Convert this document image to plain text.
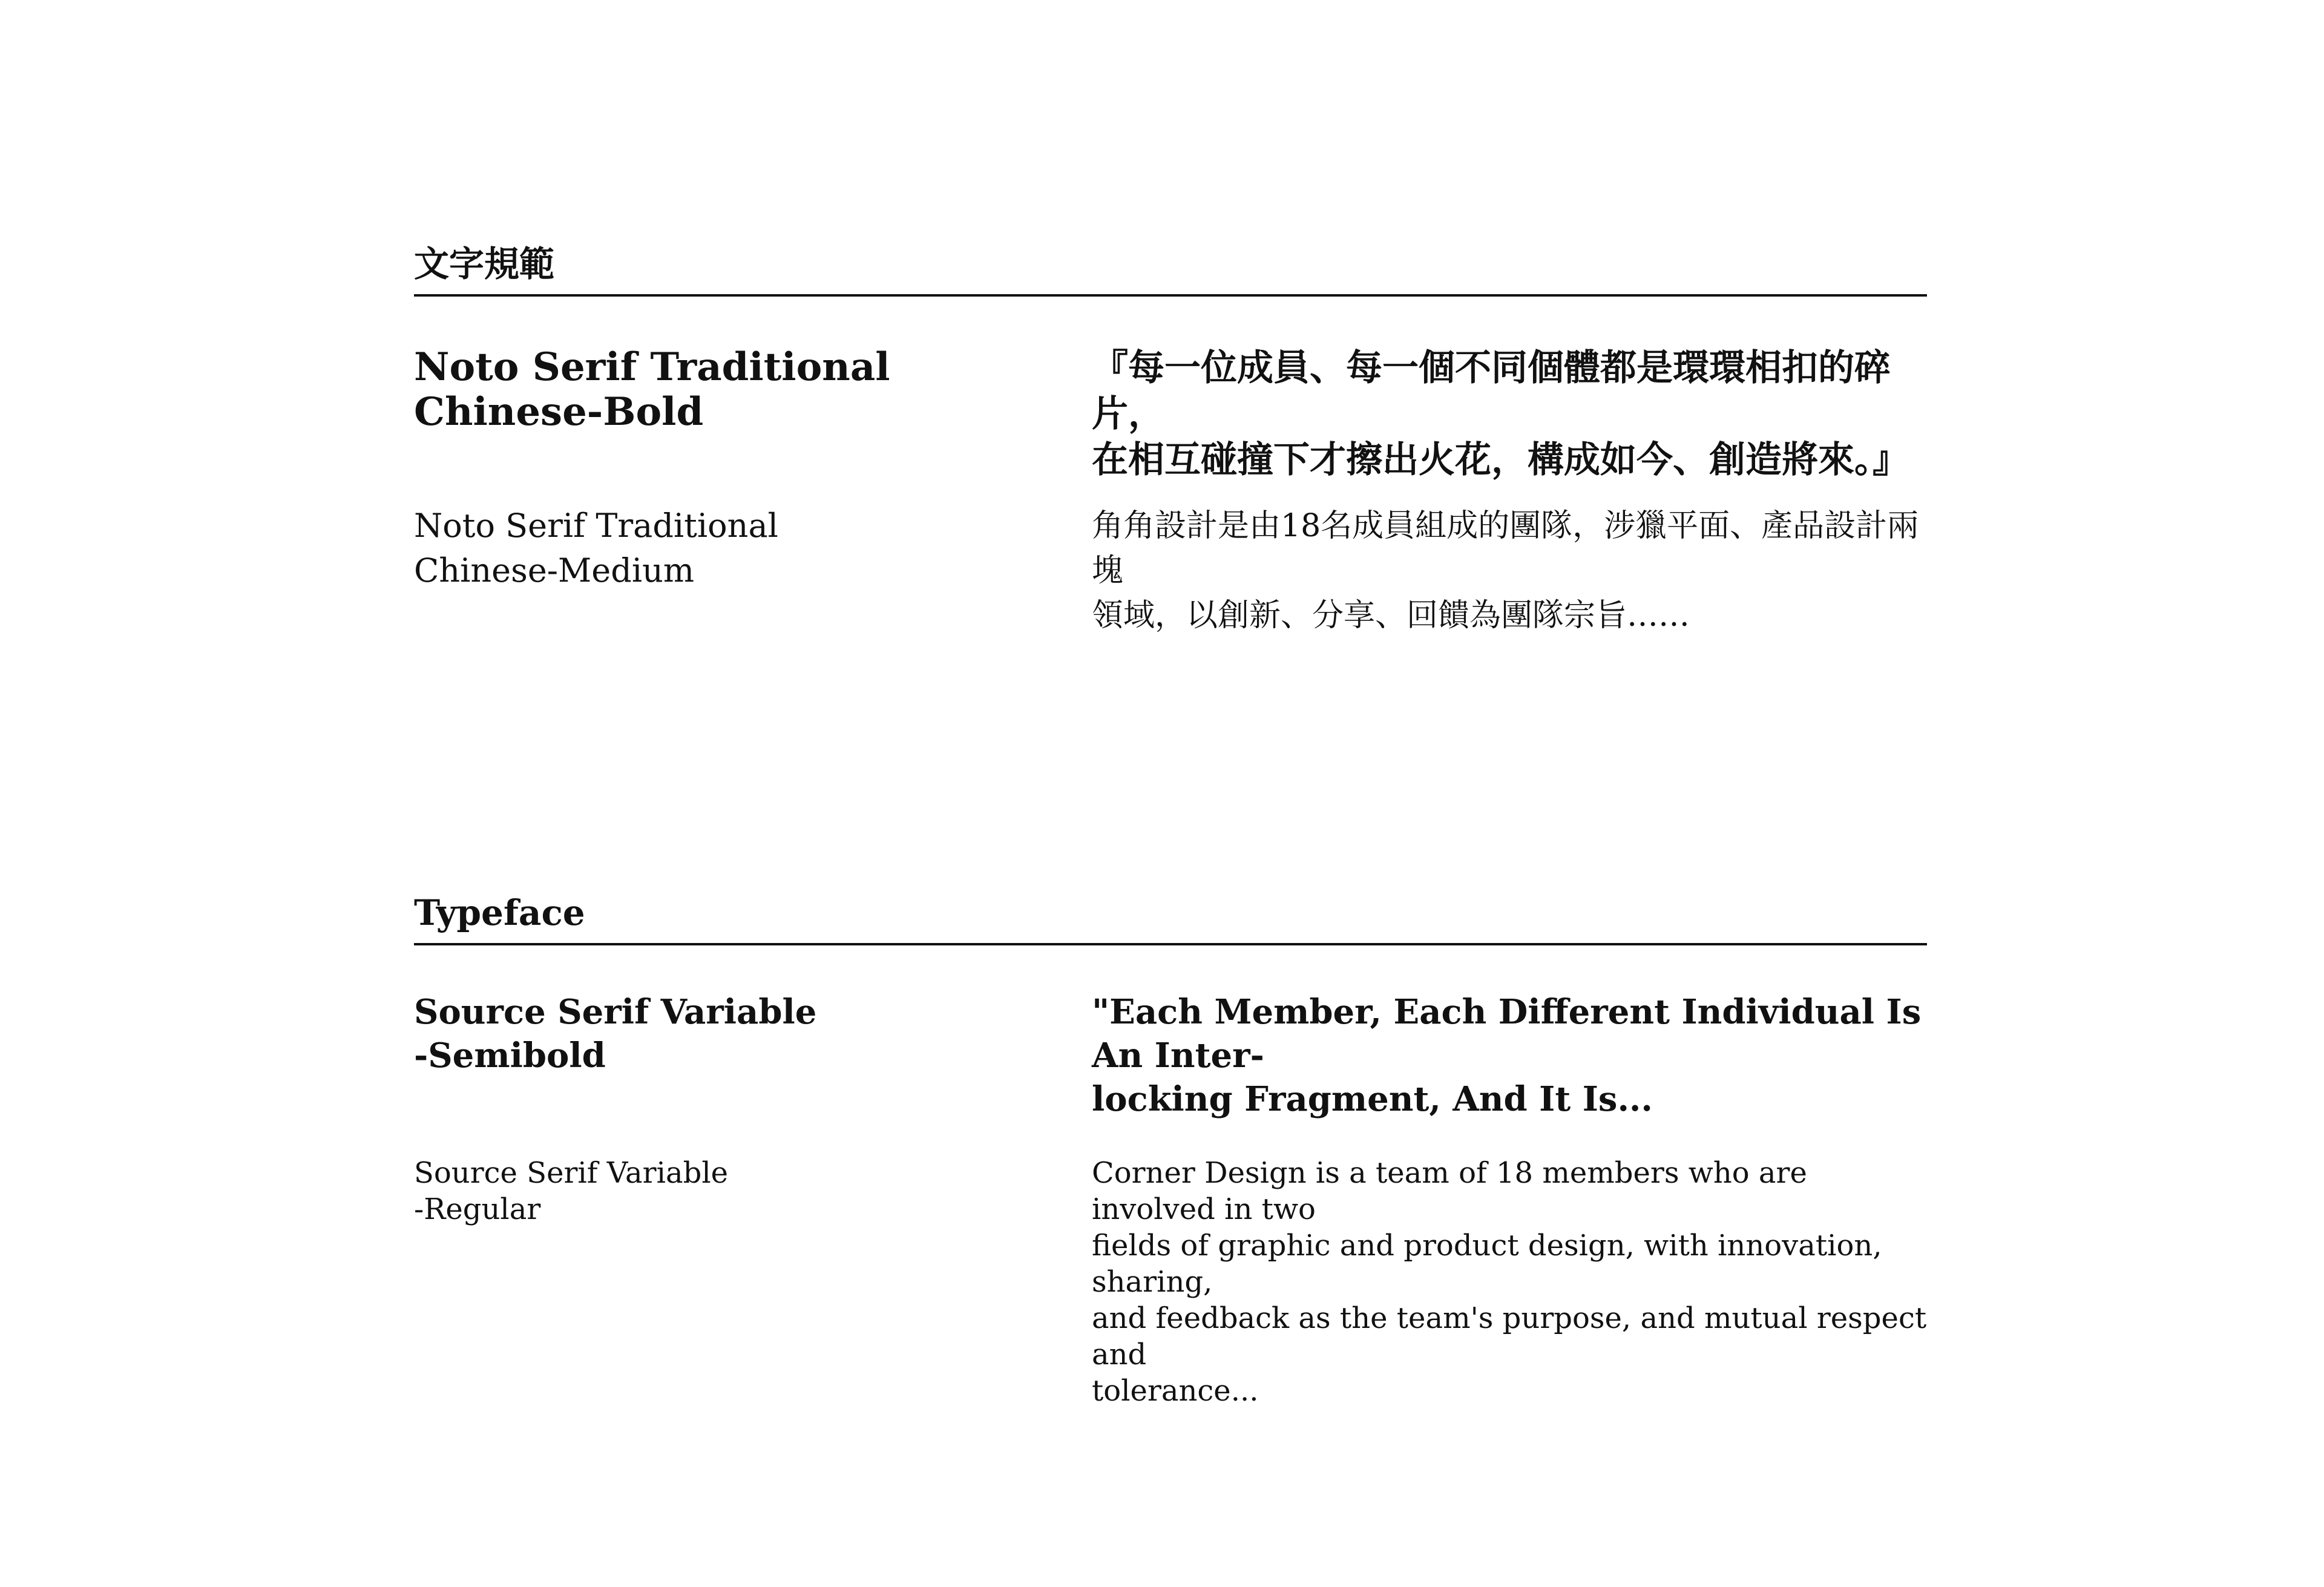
文字規範
Noto Serif Traditional
Chinese-Bold
『每一位成員、每一個不同個體都是環環相扣的碎片，
在相互碰撞下才擦出火花，構成如今、創造將來。』
Noto Serif Traditional
Chinese-Medium
角角設計是由18名成員組成的團隊，涉獵平面、產品設計兩塊
領域，以創新、分享、回饋為團隊宗旨……
Typeface
Source Serif Variable
-Semibold
"Each Member, Each Different Individual Is An Inter-
locking Fragment, And It Is...
Source Serif Variable
-Regular
Corner Design is a team of 18 members who are involved in two
fields of graphic and product design, with innovation, sharing,
and feedback as the team's purpose, and mutual respect and
tolerance...
